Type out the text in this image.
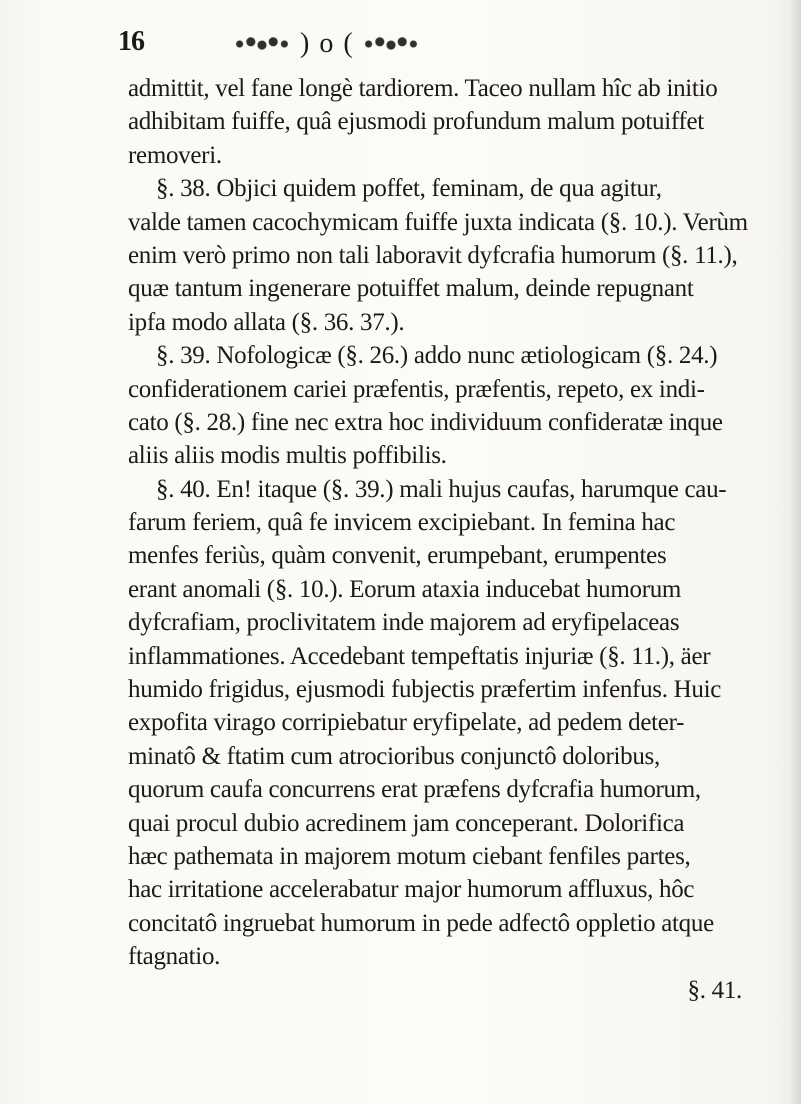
16	) o (
admittit, vel fane longè tardiorem. Taceo nullam hîc ab initio
adhibitam fuiffe, quâ ejusmodi profundum malum potuiffet
removeri.
§. 38. Objici quidem poffet, feminam, de qua agitur,
valde tamen cacochymicam fuiffe juxta indicata (§. 10.). Verùm
enim verò primo non tali laboravit dyfcrafia humorum (§. 11.),
quæ tantum ingenerare potuiffet malum, deinde repugnant
ipfa modo allata (§. 36. 37.).
§. 39. Nofologicæ (§. 26.) addo nunc ætiologicam (§. 24.)
confiderationem cariei præfentis, præfentis, repeto, ex indi-
cato (§. 28.) fine nec extra hoc individuum confideratæ inque
aliis aliis modis multis poffibilis.
§. 40. En! itaque (§. 39.) mali hujus caufas, harumque cau-
farum feriem, quâ fe invicem excipiebant. In femina hac
menfes feriùs, quàm convenit, erumpebant, erumpentes
erant anomali (§. 10.). Eorum ataxia inducebat humorum
dyfcrafiam, proclivitatem inde majorem ad eryfipelaceas
inflammationes. Accedebant tempeftatis injuriæ (§. 11.), äer
humido frigidus, ejusmodi fubjectis præfertim infenfus. Huic
expofita virago corripiebatur eryfipelate, ad pedem deter-
minatô & ftatim cum atrocioribus conjunctô doloribus,
quorum caufa concurrens erat præfens dyfcrafia humorum,
quai procul dubio acredinem jam conceperant. Dolorifica
hæc pathemata in majorem motum ciebant fenfiles partes,
hac irritatione accelerabatur major humorum affluxus, hôc
concitatô ingruebat humorum in pede adfectô oppletio atque
ftagnatio.
§. 41.
